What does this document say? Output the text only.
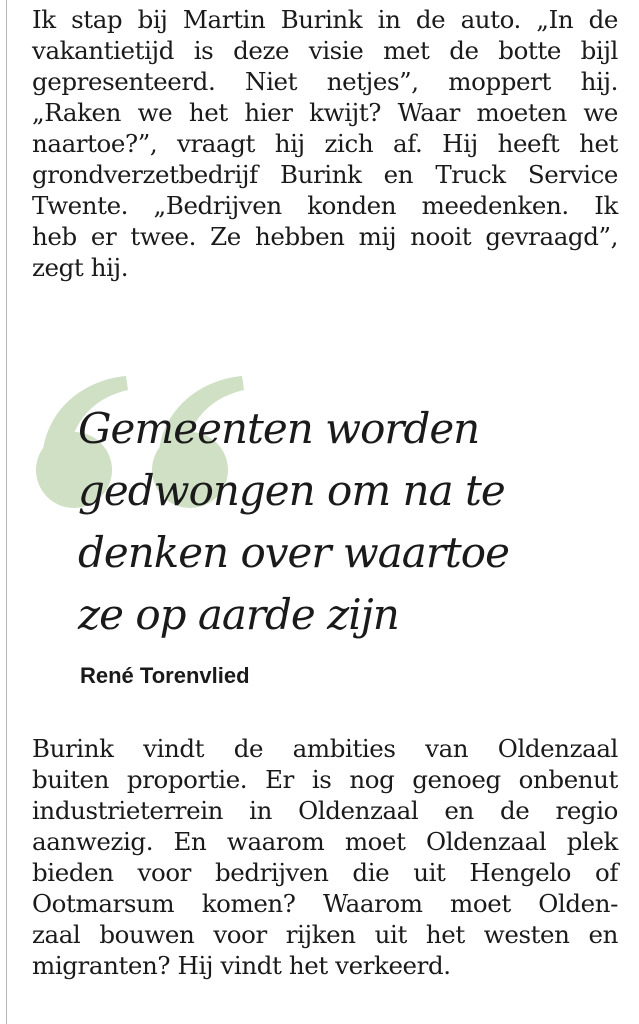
Ik stap bij Martin Burink in de auto. „In de
vakantietijd is deze visie met de botte bijl
gepresenteerd. Niet netjes”, moppert hij.
„Raken we het hier kwijt? Waar moeten we
naartoe?”, vraagt hij zich af. Hij heeft het
grondverzetbedrijf Burink en Truck Service
Twente. „Bedrijven konden meedenken. Ik
heb er twee. Ze hebben mij nooit gevraagd”,
zegt hij.

Gemeenten worden
gedwongen om na te
denken over waartoe
ze op aarde zijn

René Torenvlied

Burink vindt de ambities van Oldenzaal
buiten proportie. Er is nog genoeg onbenut
industrieterrein in Oldenzaal en de regio
aanwezig. En waarom moet Oldenzaal plek
bieden voor bedrijven die uit Hengelo of
Ootmarsum komen? Waarom moet Olden-
zaal bouwen voor rijken uit het westen en
migranten? Hij vindt het verkeerd.
